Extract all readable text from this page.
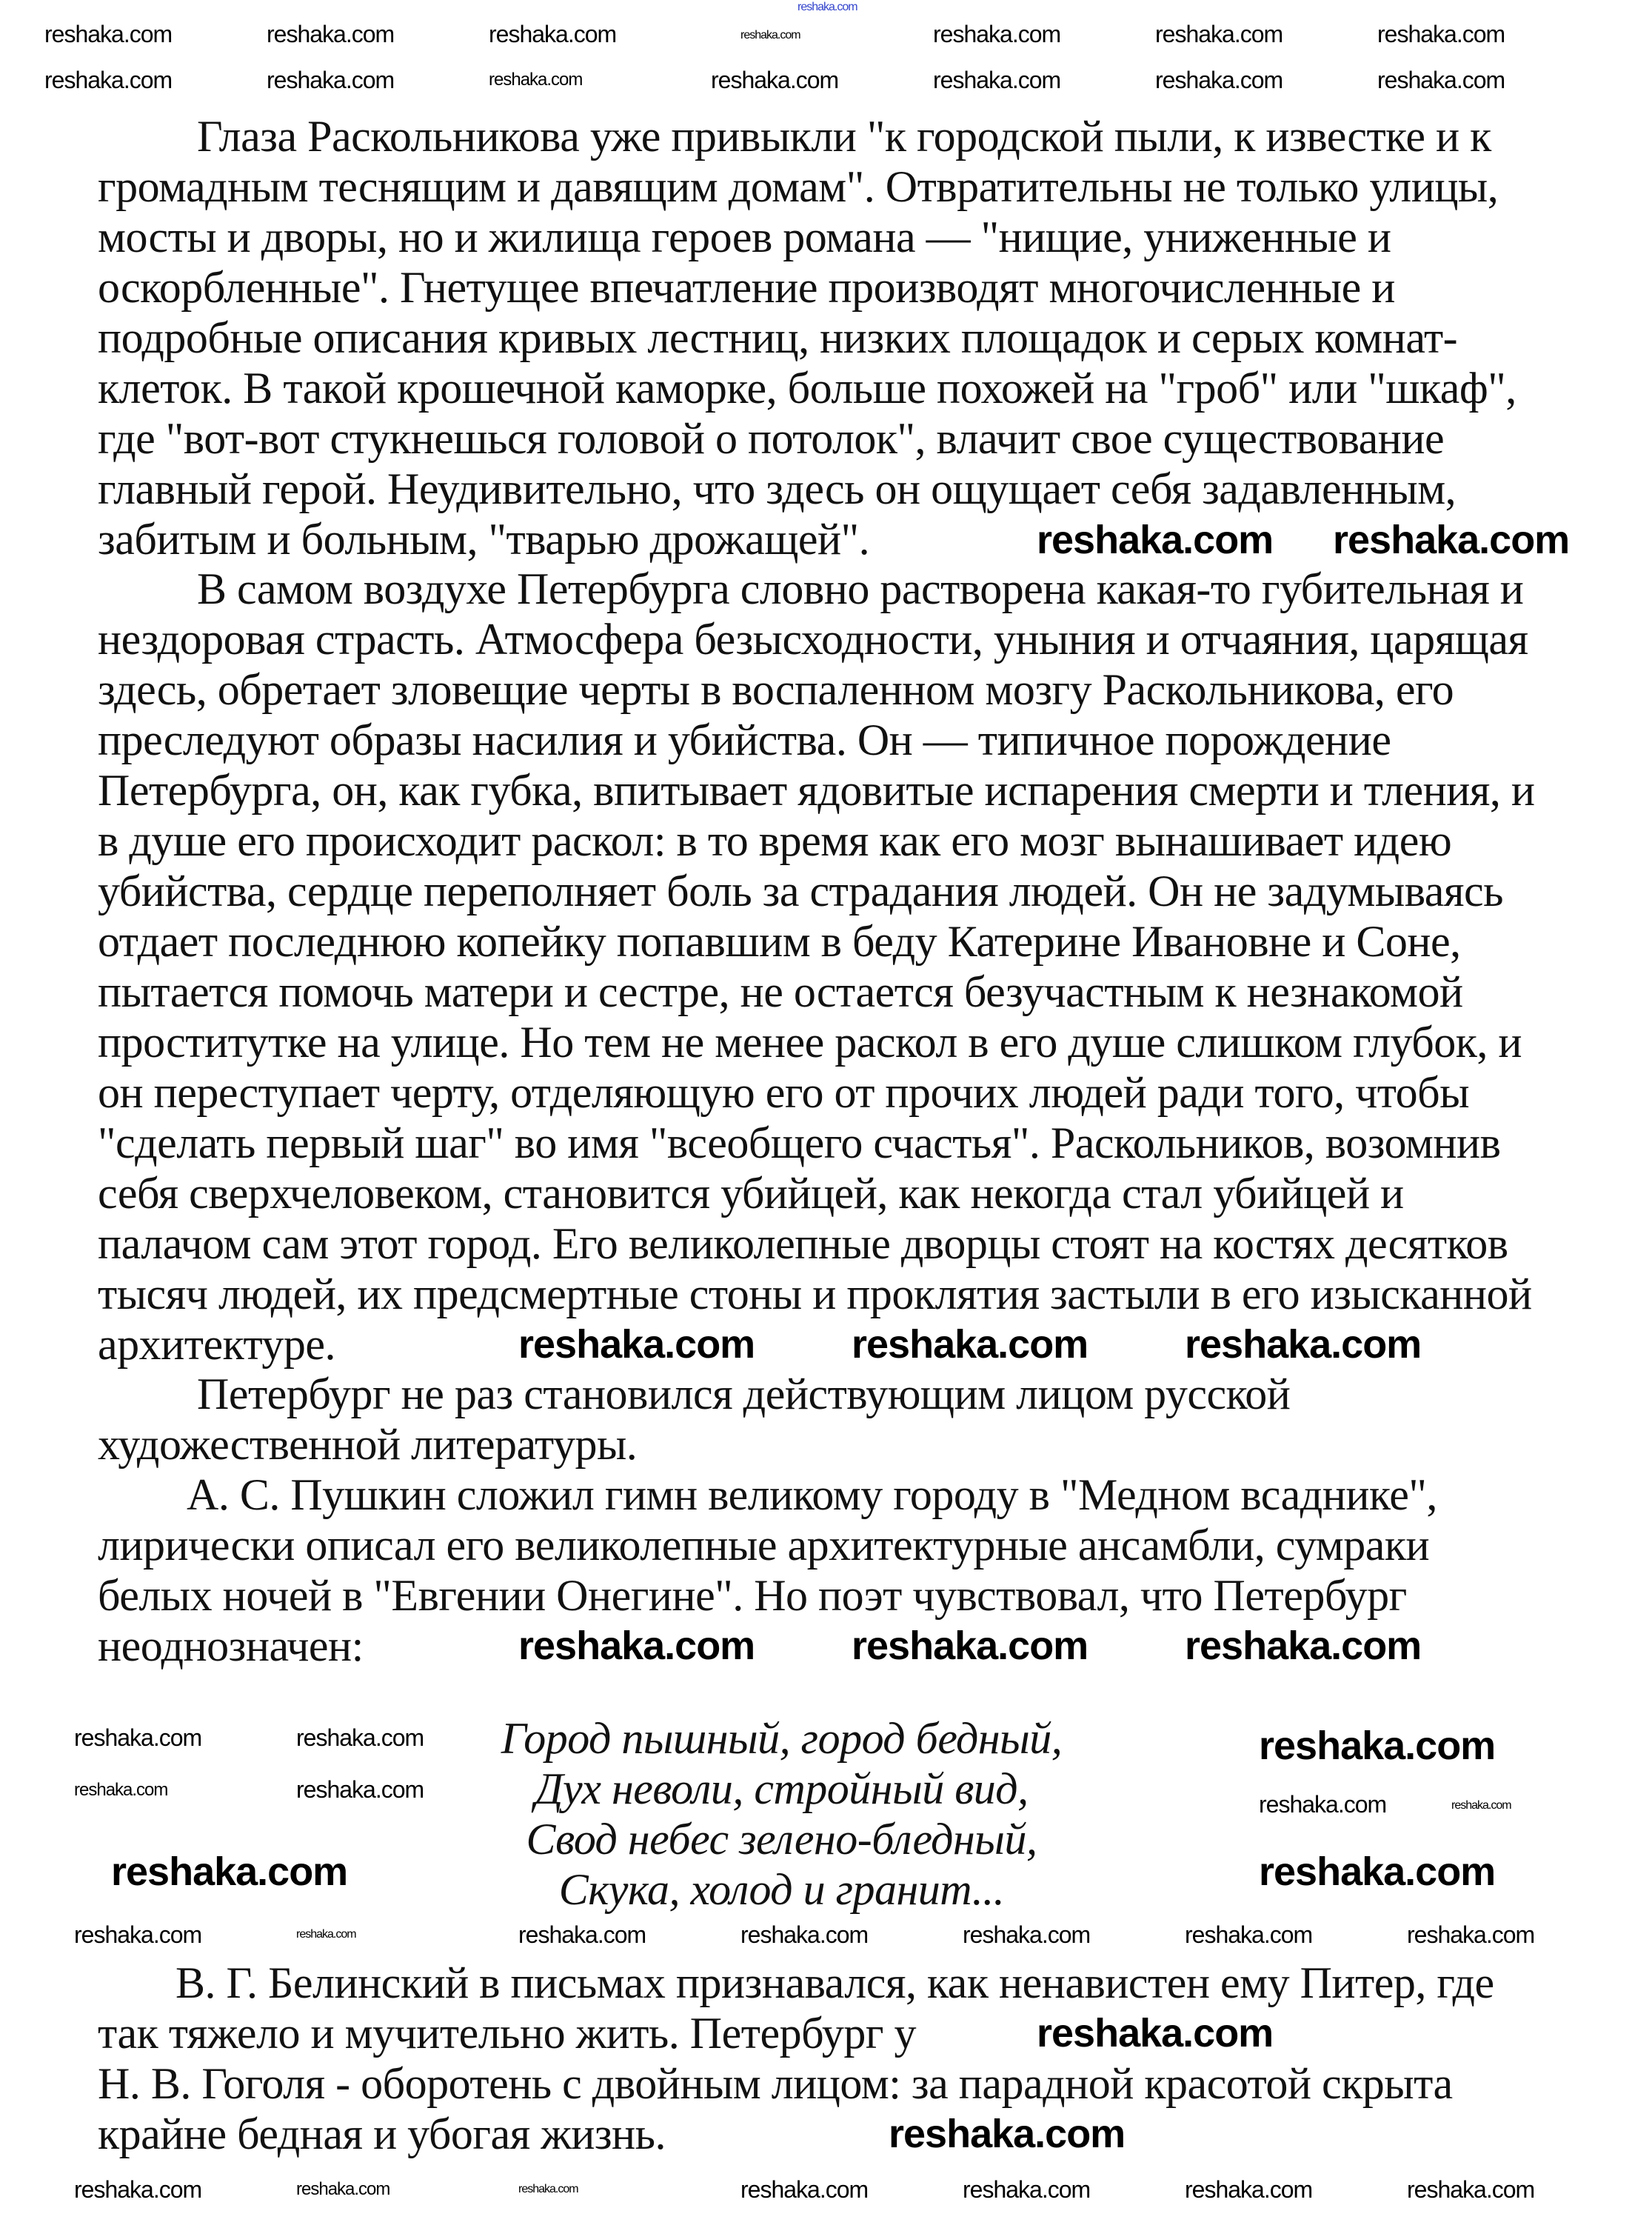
Глаза Раскольникова уже привыкли "к городской пыли, к известке и к
громадным теснящим и давящим домам". Отвратительны не только улицы,
мосты и дворы, но и жилища героев романа — "нищие, униженные и
оскорбленные". Гнетущее впечатление производят многочисленные и
подробные описания кривых лестниц, низких площадок и серых комнат-
клеток. В такой крошечной каморке, больше похожей на "гроб" или "шкаф",
где "вот-вот стукнешься головой о потолок", влачит свое существование
главный герой. Неудивительно, что здесь он ощущает себя задавленным,
забитым и больным, "тварью дрожащей".
В самом воздухе Петербурга словно растворена какая-то губительная и
нездоровая страсть. Атмосфера безысходности, уныния и отчаяния, царящая
здесь, обретает зловещие черты в воспаленном мозгу Раскольникова, его
преследуют образы насилия и убийства. Он — типичное порождение
Петербурга, он, как губка, впитывает ядовитые испарения смерти и тления, и
в душе его происходит раскол: в то время как его мозг вынашивает идею
убийства, сердце переполняет боль за страдания людей. Он не задумываясь
отдает последнюю копейку попавшим в беду Катерине Ивановне и Соне,
пытается помочь матери и сестре, не остается безучастным к незнакомой
проститутке на улице. Но тем не менее раскол в его душе слишком глубок, и
он переступает черту, отделяющую его от прочих людей ради того, чтобы
"сделать первый шаг" во имя "всеобщего счастья". Раскольников, возомнив
себя сверхчеловеком, становится убийцей, как некогда стал убийцей и
палачом сам этот город. Его великолепные дворцы стоят на костях десятков
тысяч людей, их предсмертные стоны и проклятия застыли в его изысканной
архитектуре.
Петербург не раз становился действующим лицом русской
художественной литературы.
А. С. Пушкин сложил гимн великому городу в "Медном всаднике",
лирически описал его великолепные архитектурные ансамбли, сумраки
белых ночей в "Евгении Онегине". Но поэт чувствовал, что Петербург
неоднозначен:
Город пышный, город бедный,
Дух неволи, стройный вид,
Свод небес зелено-бледный,
Скука, холод и гранит...
В. Г. Белинский в письмах признавался, как ненавистен ему Питер, где
так тяжело и мучительно жить. Петербург у
Н. В. Гоголя - оборотень с двойным лицом: за парадной красотой скрыта
крайне бедная и убогая жизнь.
reshaka.com
reshaka.com	reshaka.com	reshaka.com	reshaka.com	reshaka.com	reshaka.com
reshaka.com	reshaka.com	reshaka.com	reshaka.com	reshaka.com	reshaka.com	reshaka.com
reshaka.com
reshaka.com	reshaka.com
reshaka.com	reshaka.com
reshaka.com	reshaka.com
reshaka.com	reshaka.com	reshaka.com	reshaka.com	reshaka.com	reshaka.com	reshaka.com
reshaka.com	reshaka.com	reshaka.com	reshaka.com	reshaka.com	reshaka.com	reshaka.com
reshaka.com reshaka.com
reshaka.com reshaka.com reshaka.com
reshaka.com reshaka.com reshaka.com
reshaka.com
reshaka.com	reshaka.com
reshaka.com
reshaka.com
